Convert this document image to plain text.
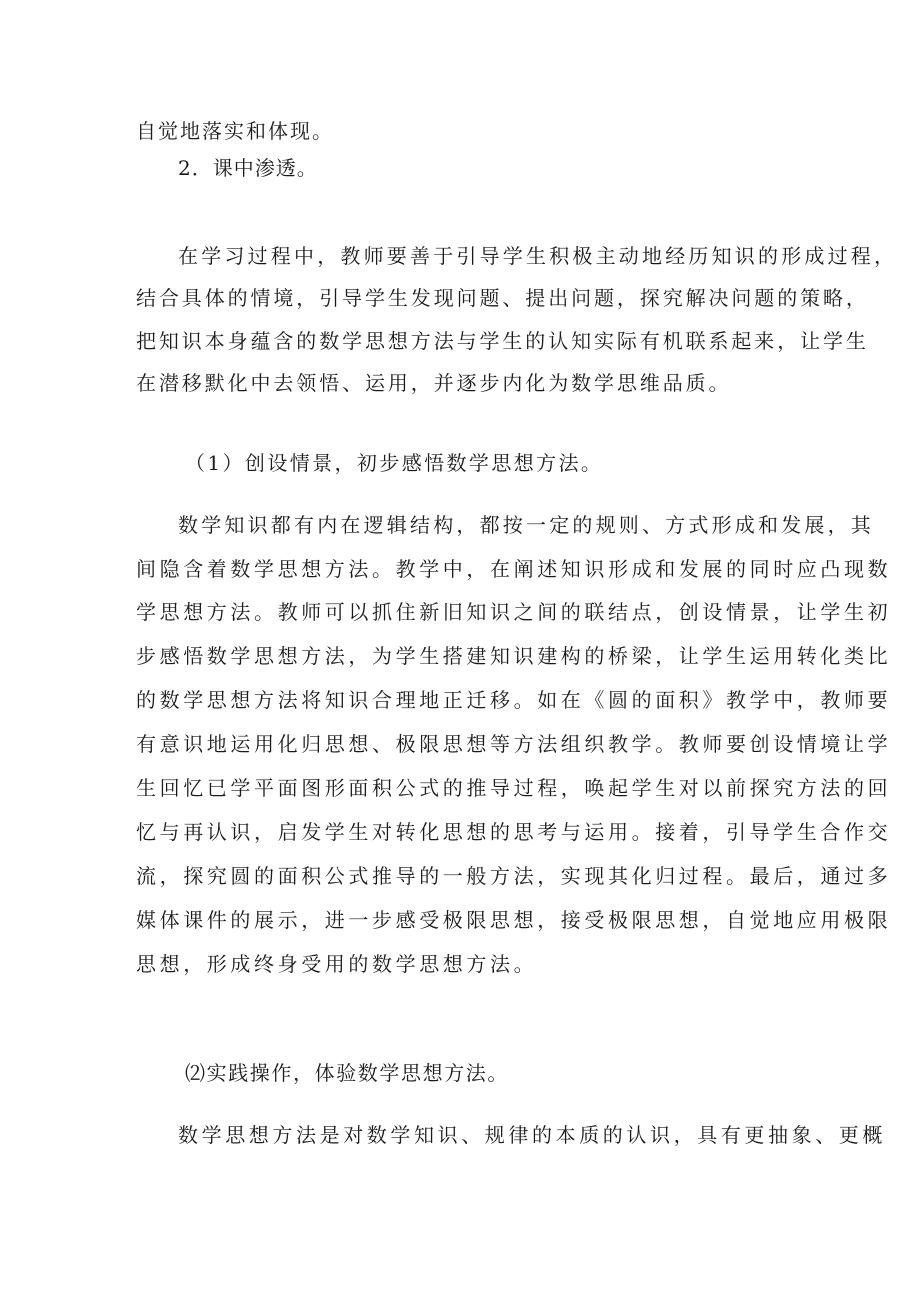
自觉地落实和体现。
2．课中渗透。
在学习过程中，教师要善于引导学生积极主动地经历知识的形成过程，
结合具体的情境，引导学生发现问题、提出问题，探究解决问题的策略，
把知识本身蕴含的数学思想方法与学生的认知实际有机联系起来，让学生
在潜移默化中去领悟、运用，并逐步内化为数学思维品质。
（1）创设情景，初步感悟数学思想方法。
数学知识都有内在逻辑结构，都按一定的规则、方式形成和发展，其
间隐含着数学思想方法。教学中，在阐述知识形成和发展的同时应凸现数
学思想方法。教师可以抓住新旧知识之间的联结点，创设情景，让学生初
步感悟数学思想方法，为学生搭建知识建构的桥梁，让学生运用转化类比
的数学思想方法将知识合理地正迁移。如在《圆的面积》教学中，教师要
有意识地运用化归思想、极限思想等方法组织教学。教师要创设情境让学
生回忆已学平面图形面积公式的推导过程，唤起学生对以前探究方法的回
忆与再认识，启发学生对转化思想的思考与运用。接着，引导学生合作交
流，探究圆的面积公式推导的一般方法，实现其化归过程。最后，通过多
媒体课件的展示，进一步感受极限思想，接受极限思想，自觉地应用极限
思想，形成终身受用的数学思想方法。
⑵实践操作，体验数学思想方法。
数学思想方法是对数学知识、规律的本质的认识，具有更抽象、更概
